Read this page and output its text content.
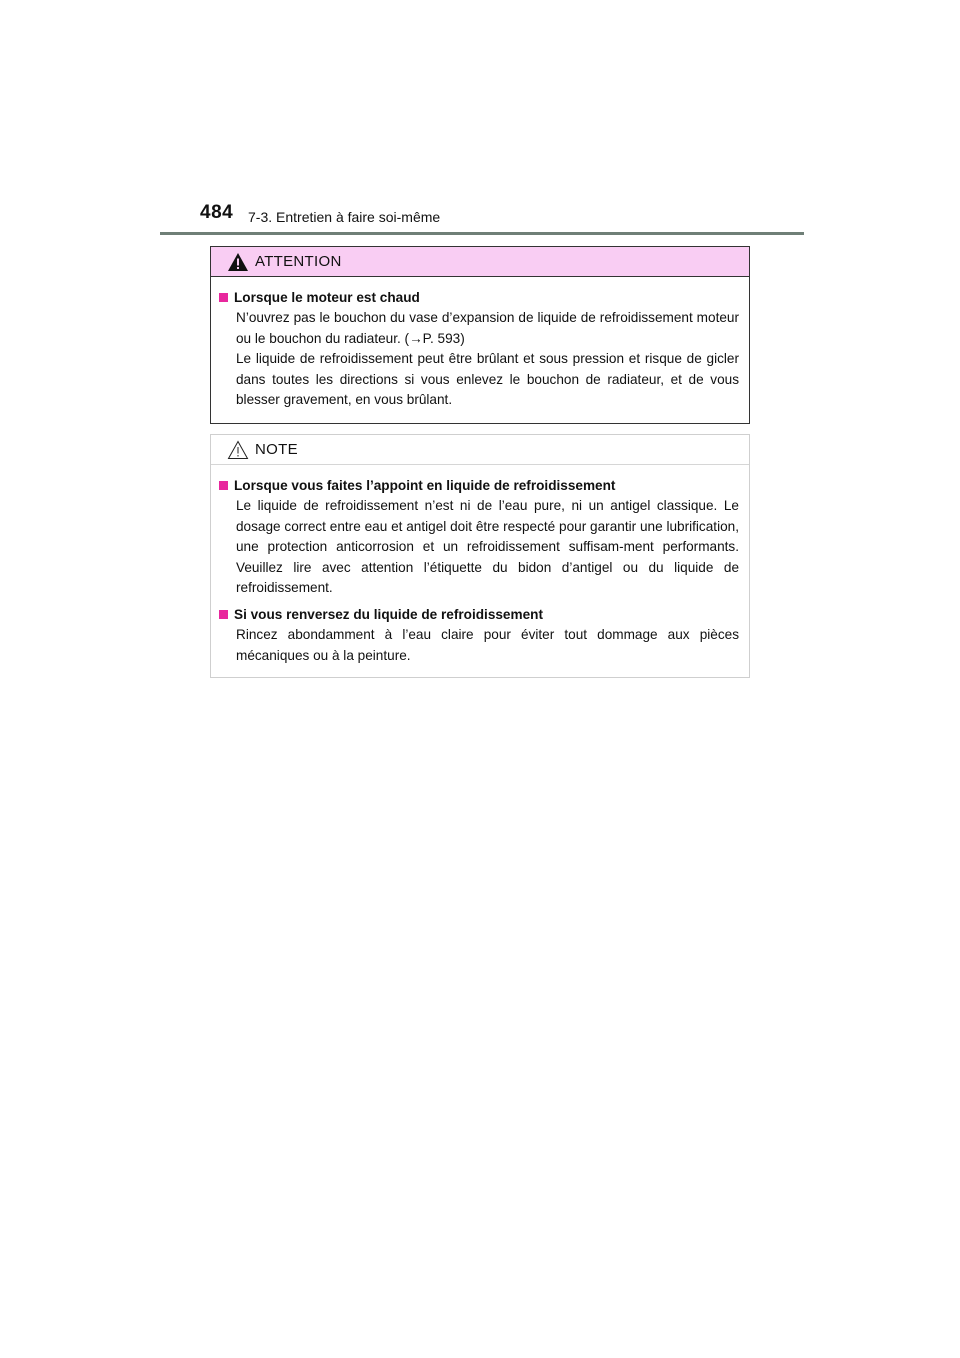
484 7-3. Entretien à faire soi-même
ATTENTION

Lorsque le moteur est chaud

N’ouvrez pas le bouchon du vase d’expansion de liquide de refroidissement moteur ou le bouchon du radiateur. (→P. 593)

Le liquide de refroidissement peut être brûlant et sous pression et risque de gicler dans toutes les directions si vous enlevez le bouchon de radiateur, et de vous blesser gravement, en vous brûlant.

NOTE

Lorsque vous faites l’appoint en liquide de refroidissement

Le liquide de refroidissement n’est ni de l’eau pure, ni un antigel classique. Le dosage correct entre eau et antigel doit être respecté pour garantir une lubrification, une protection anticorrosion et un refroidissement suffisam-ment performants. Veuillez lire avec attention l’étiquette du bidon d’antigel ou du liquide de refroidissement.

Si vous renversez du liquide de refroidissement

Rincez abondamment à l’eau claire pour éviter tout dommage aux pièces mécaniques ou à la peinture.
